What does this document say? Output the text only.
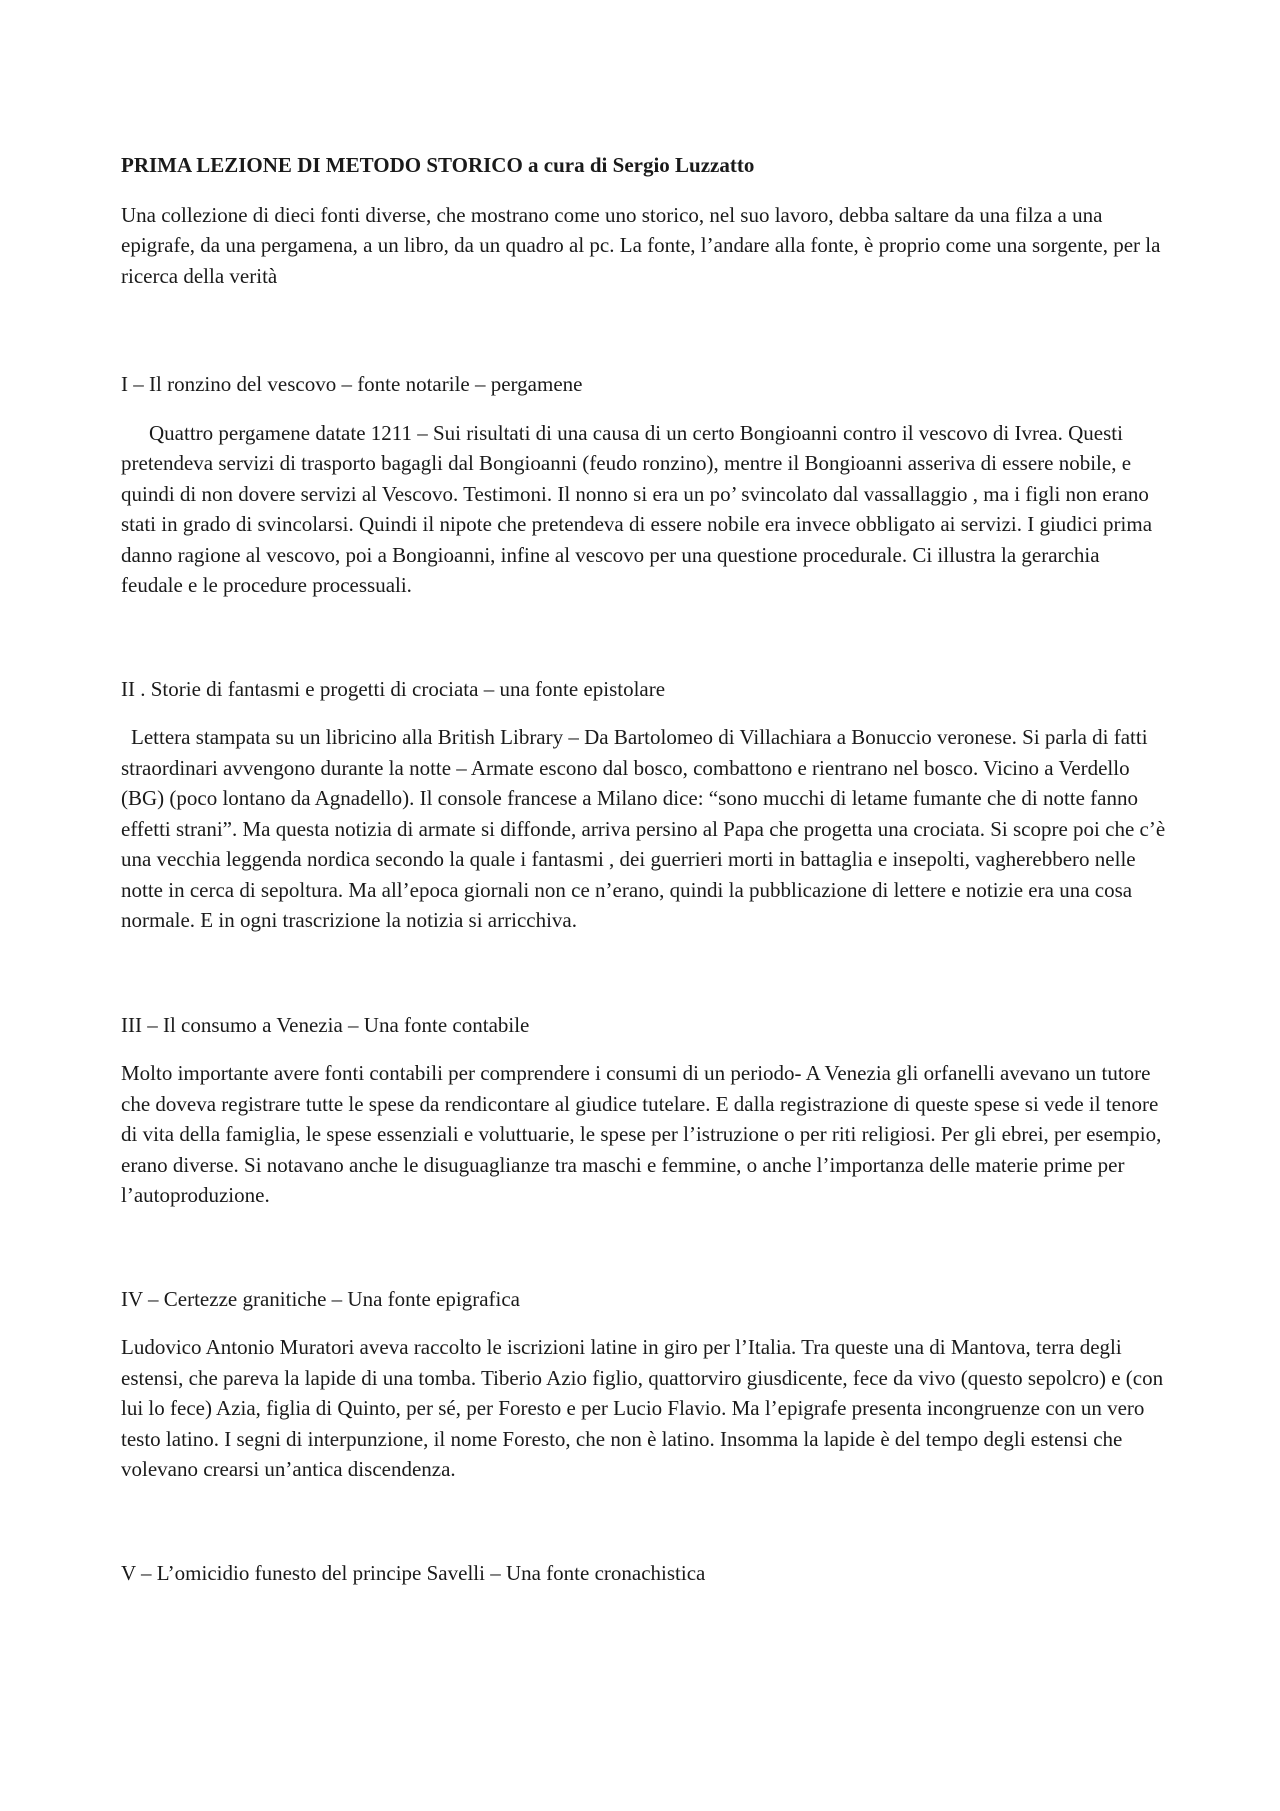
PRIMA LEZIONE DI METODO STORICO a cura di Sergio Luzzatto

Una collezione di dieci fonti diverse, che mostrano come uno storico, nel suo lavoro, debba saltare da una filza a una epigrafe, da una pergamena, a un libro, da un quadro al pc. La fonte, l’andare alla fonte, è proprio come una sorgente, per la ricerca della verità

I – Il ronzino del vescovo – fonte notarile – pergamene

Quattro pergamene datate 1211 – Sui risultati di una causa di un certo Bongioanni contro il vescovo di Ivrea. Questi pretendeva servizi di trasporto bagagli dal Bongioanni (feudo ronzino), mentre il Bongioanni asseriva di essere nobile, e quindi di non dovere servizi al Vescovo. Testimoni. Il nonno si era un po’ svincolato dal vassallaggio , ma i figli non erano stati in grado di svincolarsi. Quindi il nipote che pretendeva di essere nobile era invece obbligato ai servizi. I giudici prima danno ragione al vescovo, poi a Bongioanni, infine al vescovo per una questione procedurale. Ci illustra la gerarchia feudale e le procedure processuali.

II . Storie di fantasmi e progetti di crociata – una fonte epistolare

Lettera stampata su un libricino alla British Library – Da Bartolomeo di Villachiara a Bonuccio veronese. Si parla di fatti straordinari avvengono durante la notte – Armate escono dal bosco, combattono e rientrano nel bosco. Vicino a Verdello (BG) (poco lontano da Agnadello). Il console francese a Milano dice: “sono mucchi di letame fumante che di notte fanno effetti strani”. Ma questa notizia di armate si diffonde, arriva persino al Papa che progetta una crociata. Si scopre poi che c’è una vecchia leggenda nordica secondo la quale i fantasmi , dei guerrieri morti in battaglia e insepolti, vagherebbero nelle notte in cerca di sepoltura. Ma all’epoca giornali non ce n’erano, quindi la pubblicazione di lettere e notizie era una cosa normale. E in ogni trascrizione la notizia si arricchiva.

III – Il consumo a Venezia – Una fonte contabile

Molto importante avere fonti contabili per comprendere i consumi di un periodo- A Venezia gli orfanelli avevano un tutore che doveva registrare tutte le spese da rendicontare al giudice tutelare. E dalla registrazione di queste spese si vede il tenore di vita della famiglia, le spese essenziali e voluttuarie, le spese per l’istruzione o per riti religiosi. Per gli ebrei, per esempio, erano diverse. Si notavano anche le disuguaglianze tra maschi e femmine, o anche l’importanza delle materie prime per l’autoproduzione.

IV – Certezze granitiche – Una fonte epigrafica

Ludovico Antonio Muratori aveva raccolto le iscrizioni latine in giro per l’Italia. Tra queste una di Mantova, terra degli estensi, che pareva la lapide di una tomba. Tiberio Azio figlio, quattorviro giusdicente, fece da vivo (questo sepolcro) e (con lui lo fece) Azia, figlia di Quinto, per sé, per Foresto e per Lucio Flavio. Ma l’epigrafe presenta incongruenze con un vero testo latino. I segni di interpunzione, il nome Foresto, che non è latino. Insomma la lapide è del tempo degli estensi che volevano crearsi un’antica discendenza.

V – L’omicidio funesto del principe Savelli – Una fonte cronachistica
